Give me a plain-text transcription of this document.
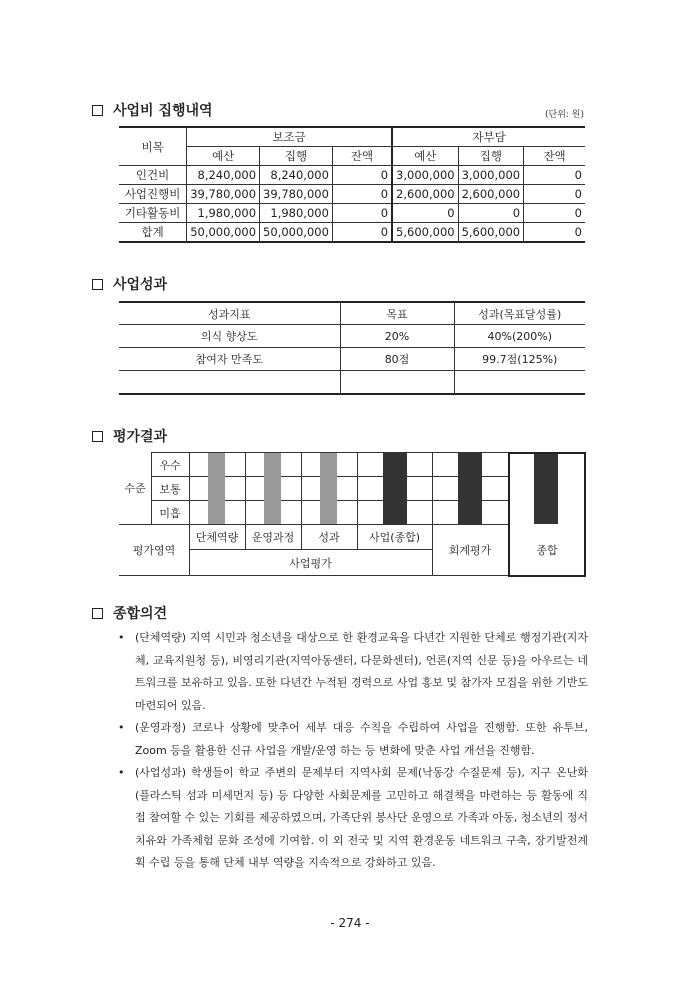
사업비 집행내역	(단위: 원)
비목	보조금			자부담		
	예산	집행	잔액	예산	집행	잔액
인건비	8,240,000	8,240,000	0	3,000,000	3,000,000	0
사업진행비	39,780,000	39,780,000	0	2,600,000	2,600,000	0
기타활동비	1,980,000	1,980,000	0	0	0	0
합계	50,000,000	50,000,000	0	5,600,000	5,600,000	0
사업성과
성과지표	목표	성과(목표달성률)
의식 향상도	20%	40%(200%)
참여자 만족도	80점	99.7점(125%)

평가결과
수준
우수
보통
미흡
평가영역
단체역량	운영과정	성과	사업(종합)
회계평가	종합
사업평가
종합의견
• (단체역량) 지역 시민과 청소년을 대상으로 한 환경교육을 다년간 지원한 단체로 행정기관(지자체, 교육지원청 등), 비영리기관(지역아동센터, 다문화센터), 언론(지역 신문 등)을 아우르는 네트워크를 보유하고 있음. 또한 다년간 누적된 경력으로 사업 홍보 및 참가자 모집을 위한 기반도 마련되어 있음.
• (운영과정) 코로나 상황에 맞추어 세부 대응 수칙을 수립하여 사업을 진행함. 또한 유투브, Zoom 등을 활용한 신규 사업을 개발/운영 하는 등 변화에 맞춘 사업 개선을 진행함.
• (사업성과) 학생들이 학교 주변의 문제부터 지역사회 문제(낙동강 수질문제 등), 지구 온난화(플라스틱 섬과 미세먼지 등) 등 다양한 사회문제를 고민하고 해결책을 마련하는 등 활동에 직접 참여할 수 있는 기회를 제공하였으며, 가족단위 봉사단 운영으로 가족과 아동, 청소년의 정서치유와 가족체험 문화 조성에 기여함. 이 외 전국 및 지역 환경운동 네트워크 구축, 장기발전계획 수립 등을 통해 단체 내부 역량을 지속적으로 강화하고 있음.
- 274 -
